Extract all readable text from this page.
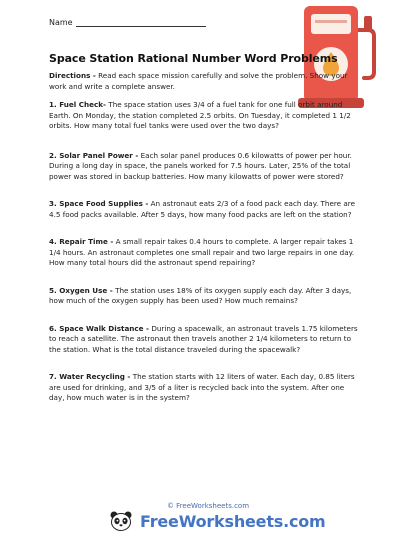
Name
Space Station Rational Number Word Problems

Directions - Read each space mission carefully and solve the problem. Show your work and write a complete answer.

1. Fuel Check- The space station uses 3/4 of a fuel tank for one full orbit around Earth. On Monday, the station completed 2.5 orbits. On Tuesday, it completed 1 1/2 orbits. How many total fuel tanks were used over the two days?

2. Solar Panel Power - Each solar panel produces 0.6 kilowatts of power per hour. During a long day in space, the panels worked for 7.5 hours. Later, 25% of the total power was stored in backup batteries. How many kilowatts of power were stored?

3. Space Food Supplies - An astronaut eats 2/3 of a food pack each day. There are 4.5 food packs available. After 5 days, how many food packs are left on the station?

4. Repair Time - A small repair takes 0.4 hours to complete. A larger repair takes 1 1/4 hours. An astronaut completes one small repair and two large repairs in one day. How many total hours did the astronaut spend repairing?

5. Oxygen Use - The station uses 18% of its oxygen supply each day. After 3 days, how much of the oxygen supply has been used? How much remains?

6. Space Walk Distance - During a spacewalk, an astronaut travels 1.75 kilometers to reach a satellite. The astronaut then travels another 2 1/4 kilometers to return to the station. What is the total distance traveled during the spacewalk?

7. Water Recycling - The station starts with 12 liters of water. Each day, 0.85 liters are used for drinking, and 3/5 of a liter is recycled back into the system. After one day, how much water is in the system?

© FreeWorksheets.com
FreeWorksheets.com
